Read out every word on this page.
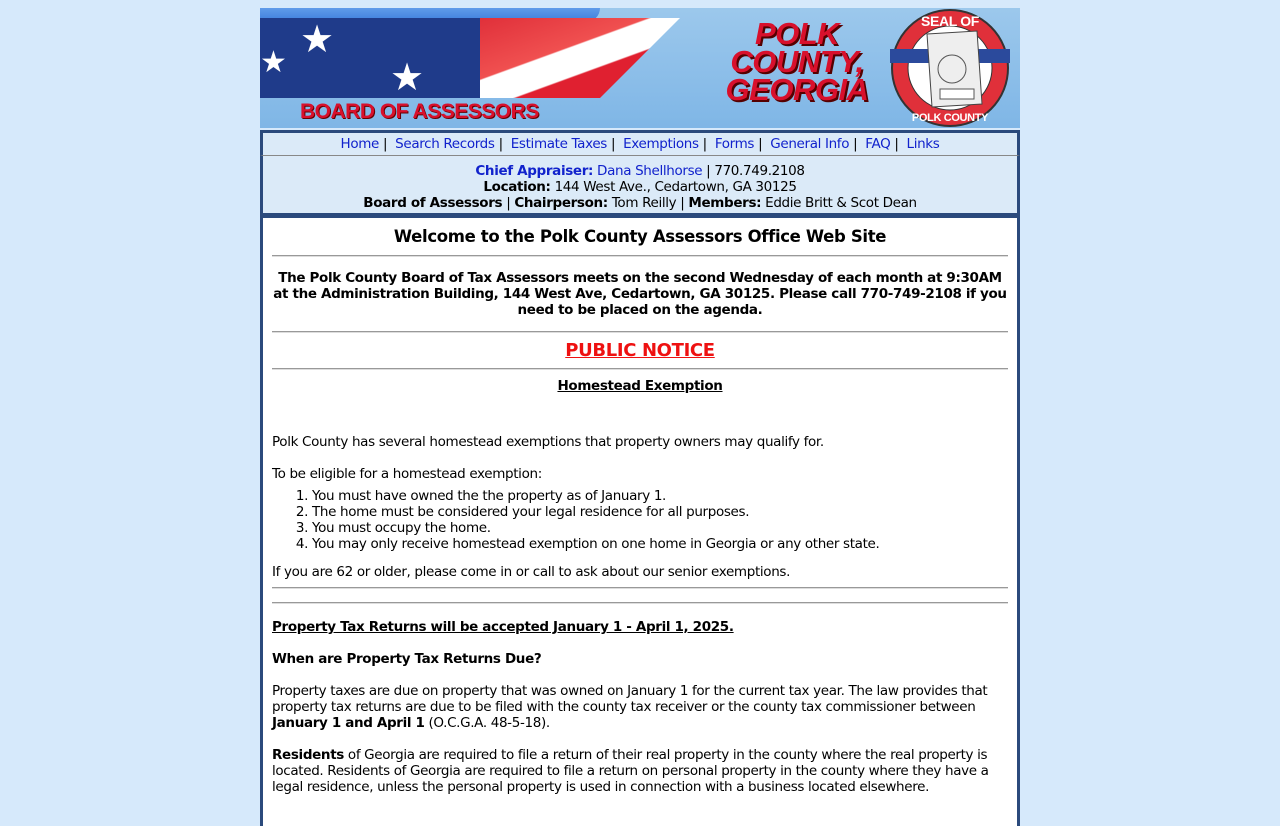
★
★
★
BOARD OF ASSESSORS
POLK
COUNTY,
GEORGIA
SEAL OF
POLK COUNTY
Home | Search Records | Estimate Taxes | Exemptions | Forms | General Info | FAQ | Links
Chief Appraiser: Dana Shellhorse | 770.749.2108
Location: 144 West Ave., Cedartown, GA 30125
Board of Assessors | Chairperson: Tom Reilly | Members: Eddie Britt & Scot Dean
Welcome to the Polk County Assessors Office Web Site
The Polk County Board of Tax Assessors meets on the second Wednesday of each month at 9:30AM at the Administration Building, 144 West Ave, Cedartown, GA 30125. Please call 770-749-2108 if you need to be placed on the agenda.
PUBLIC NOTICE
Homestead Exemption

Polk County has several homestead exemptions that property owners may qualify for.

To be eligible for a homestead exemption:

1. You must have owned the the property as of January 1.
2. The home must be considered your legal residence for all purposes.
3. You must occupy the home.
4. You may only receive homestead exemption on one home in Georgia or any other state.
If you are 62 or older, please come in or call to ask about our senior exemptions.
Property Tax Returns will be accepted January 1 - April 1, 2025.

When are Property Tax Returns Due?

Property taxes are due on property that was owned on January 1 for the current tax year. The law provides that property tax returns are due to be filed with the county tax receiver or the county tax commissioner between January 1 and April 1 (O.C.G.A. 48-5-18).

Residents of Georgia are required to file a return of their real property in the county where the real property is located. Residents of Georgia are required to file a return on personal property in the county where they have a legal residence, unless the personal property is used in connection with a business located elsewhere.
